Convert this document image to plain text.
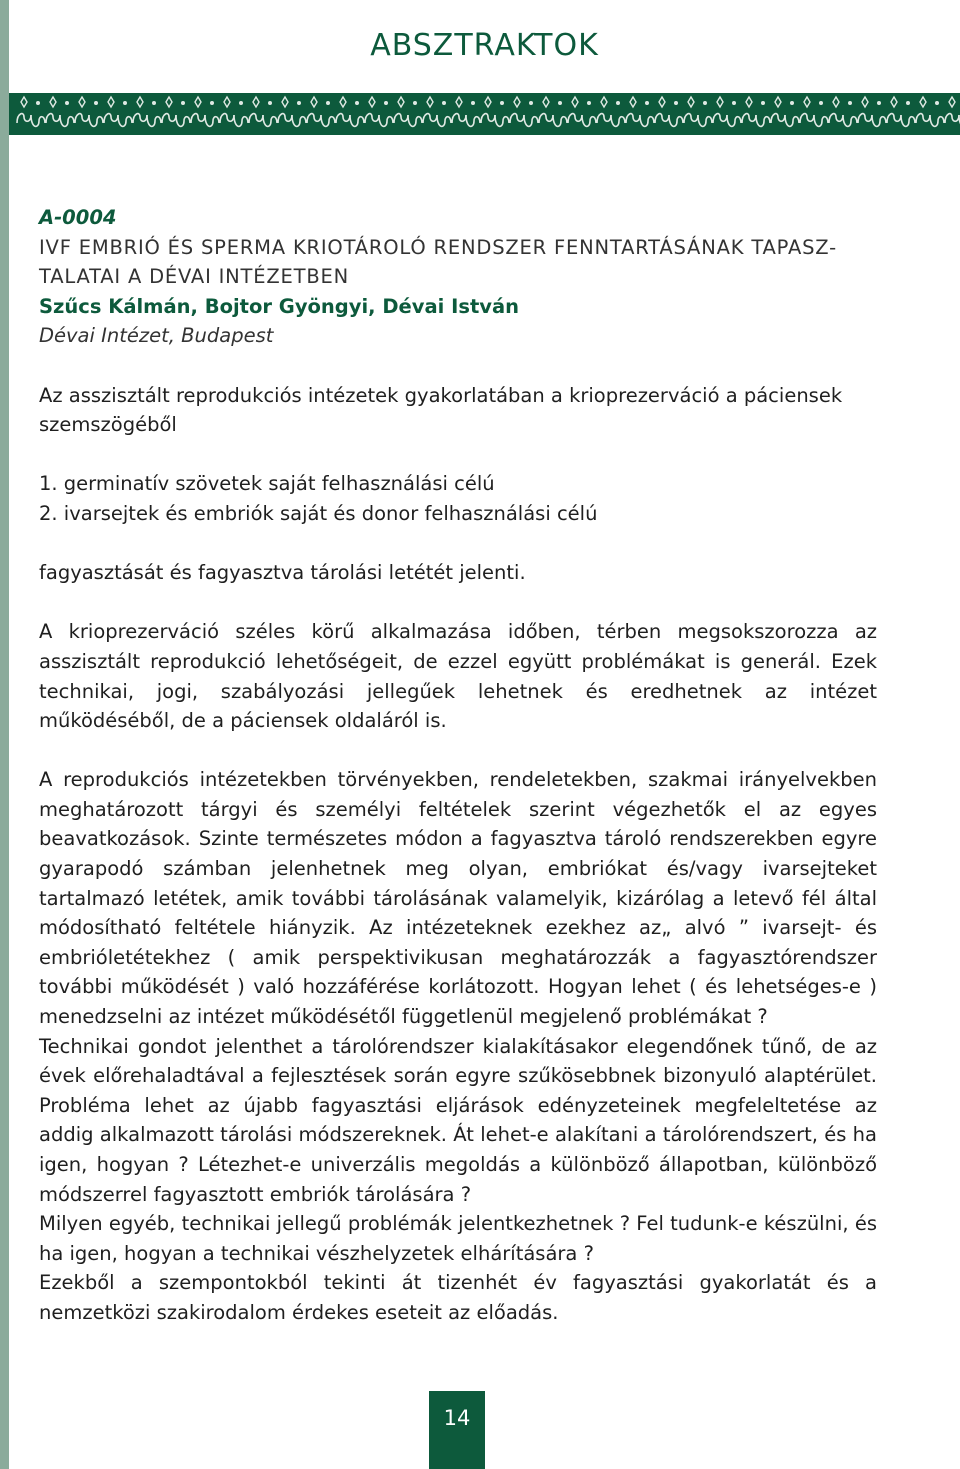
ABSZTRAKTOK

A-0004

IVF EMBRIÓ ÉS SPERMA KRIOTÁROLÓ RENDSZER FENNTARTÁSÁNAK TAPASZ-

TALATAI A DÉVAI INTÉZETBEN

Szűcs Kálmán, Bojtor Gyöngyi, Dévai István

Dévai Intézet, Budapest

Az asszisztált reprodukciós intézetek gyakorlatában a krioprezerváció a páciensek

szemszögéből

1. germinatív szövetek saját felhasználási célú

2. ivarsejtek és embriók saját és donor felhasználási célú

fagyasztását és fagyasztva tárolási letétét jelenti.

A krioprezerváció széles körű alkalmazása időben, térben megsokszorozza az asszisztált reprodukció lehetőségeit, de ezzel együtt problémákat is generál. Ezek technikai, jogi, szabályozási jellegűek lehetnek és eredhetnek az intézet működéséből, de a páciensek oldaláról is.

A reprodukciós intézetekben törvényekben, rendeletekben, szakmai irányelvekben meghatározott tárgyi és személyi feltételek szerint végezhetők el az egyes beavatkozások. Szinte természetes módon a fagyasztva tároló rendszerekben egyre gyarapodó számban jelenhetnek meg olyan, embriókat és/vagy ivarsejteket tartalmazó letétek, amik további tárolásának valamelyik, kizárólag a letevő fél által módosítható feltétele hiányzik. Az intézeteknek ezekhez az„ alvó ” ivarsejt- és embrióletétekhez ( amik perspektivikusan meghatározzák a fagyasztórendszer további működését ) való hozzáférése korlátozott. Hogyan lehet ( és lehetséges-e ) menedzselni az intézet működésétől függetlenül megjelenő problémákat ?

Technikai gondot jelenthet a tárolórendszer kialakításakor elegendőnek tűnő, de az évek előrehaladtával a fejlesztések során egyre szűkösebbnek bizonyuló alaptérület. Probléma lehet az újabb fagyasztási eljárások edényzeteinek megfeleltetése az addig alkalmazott tárolási módszereknek. Át lehet-e alakítani a tárolórendszert, és ha igen, hogyan ? Létezhet-e univerzális megoldás a különböző állapotban, különböző módszerrel fagyasztott embriók tárolására ?

Milyen egyéb, technikai jellegű problémák jelentkezhetnek ? Fel tudunk-e készülni, és ha igen, hogyan a technikai vészhelyzetek elhárítására ?

Ezekből a szempontokból tekinti át tizenhét év fagyasztási gyakorlatát és a nemzetközi szakirodalom érdekes eseteit az előadás.

14
